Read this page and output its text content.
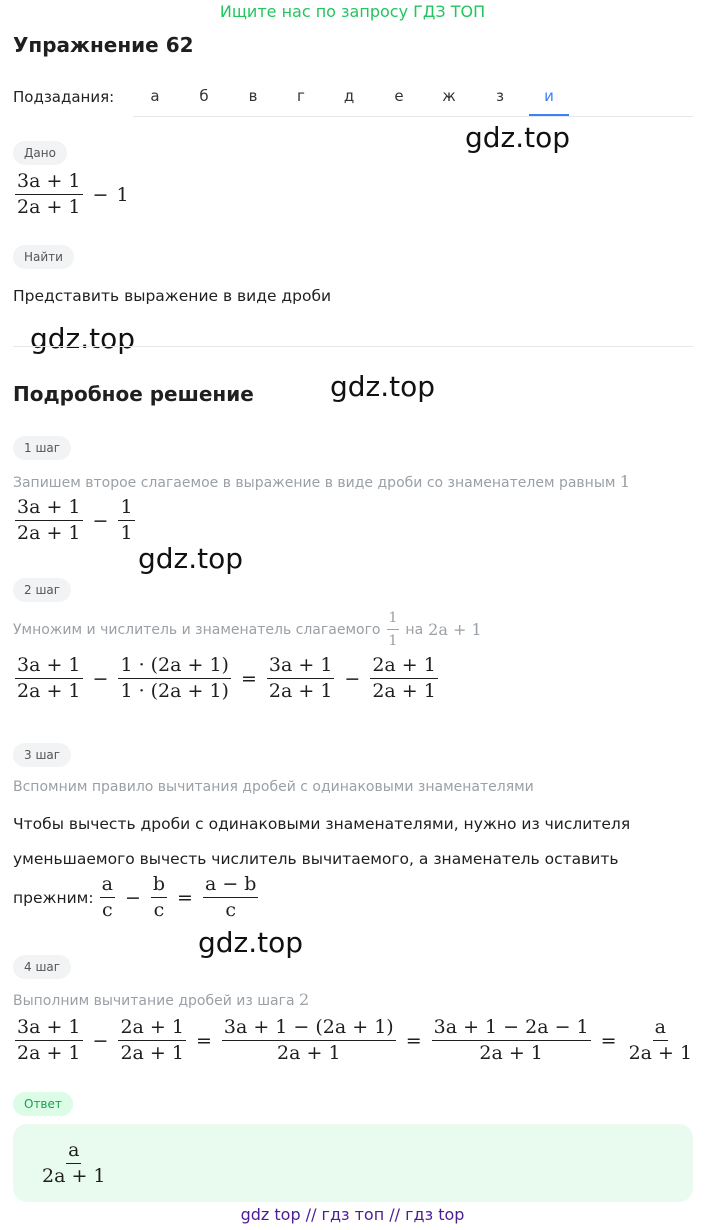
Ищите нас по запросу ГДЗ ТОП
Упражнение 62
Подзадания:	а	б	в	г	д	е	ж	з	и
gdz.top
gdz.top
gdz.top
gdz.top
gdz.top
Дано
$\frac{3a + 1}{2a + 1} - 1$
Найти
Представить выражение в виде дроби
Подробное решение
1 шаг
Запишем второе слагаемое в выражение в виде дроби со знаменателем равным 1
$\frac{3a + 1}{2a + 1} - \frac{1}{1}$
2 шаг
Умножим и числитель и знаменатель слагаемого $\frac{1}{1}$ на 2a + 1
$\frac{3a + 1}{2a + 1} - \frac{1 \cdot (2a + 1)}{1 \cdot (2a + 1)} = \frac{3a + 1}{2a + 1} - \frac{2a + 1}{2a + 1}$
3 шаг
Вспомним правило вычитания дробей с одинаковыми знаменателями
Чтобы вычесть дроби с одинаковыми знаменателями, нужно из числителя
уменьшаемого вычесть числитель вычитаемого, а знаменатель оставить
прежним: $\frac{a}{c} - \frac{b}{c} = \frac{a - b}{c}$
4 шаг
Выполним вычитание дробей из шага 2
$\frac{3a + 1}{2a + 1} - \frac{2a + 1}{2a + 1} = \frac{3a + 1 - (2a + 1)}{2a + 1} = \frac{3a + 1 - 2a - 1}{2a + 1} = \frac{a}{2a + 1}$
Ответ
$\frac{a}{2a + 1}$
gdz top // гдз топ // гдз top
